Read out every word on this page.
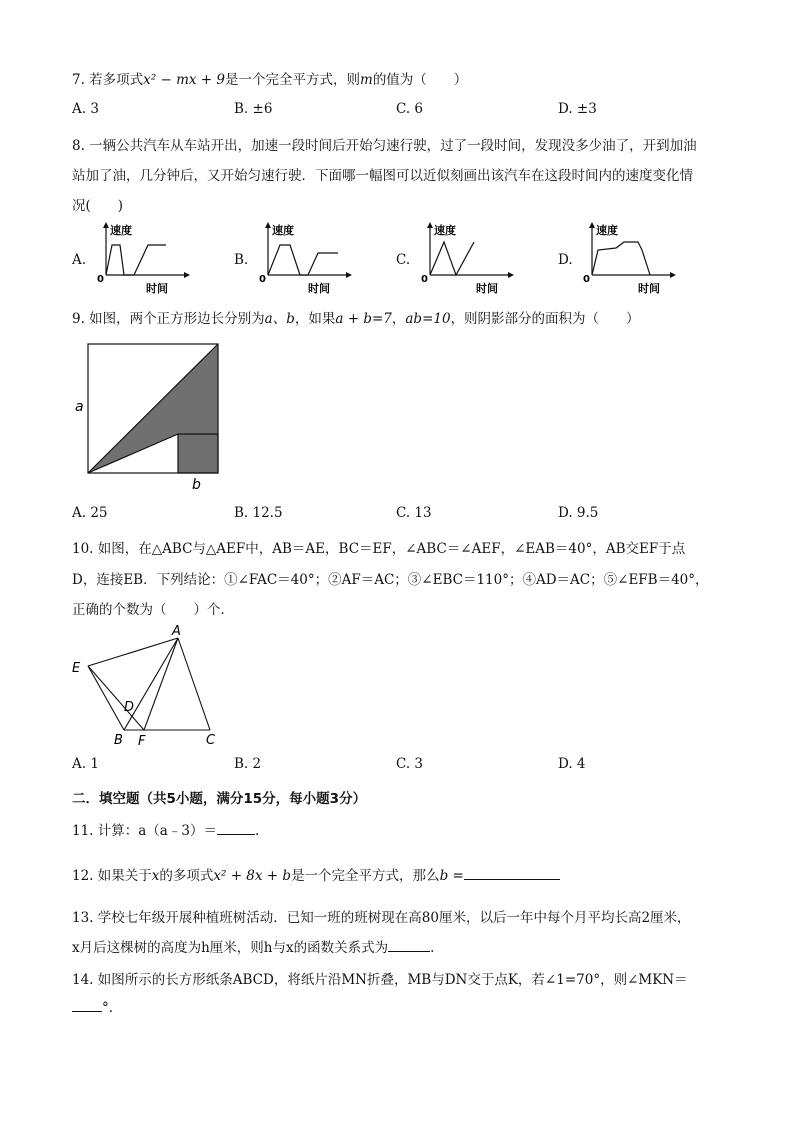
7. 若多项式x² − mx + 9是一个完全平方式，则m的值为（　　）
A. 3	B. ±6	C. 6	D. ±3
8. 一辆公共汽车从车站开出，加速一段时间后开始匀速行驶，过了一段时间，发现没多少油了，开到加油
站加了油，几分钟后，又开始匀速行驶．下面哪一幅图可以近似刻画出该汽车在这段时间内的速度变化情
况(　　)
A.	B.	C.	D.
速度
时间
0
速度
时间
0
速度
时间
0
速度
时间
0
9. 如图，两个正方形边长分别为a、b，如果a + b=7，ab=10，则阴影部分的面积为（　　）
a
b
A. 25	B. 12.5	C. 13	D. 9.5
10. 如图，在△ABC与△AEF中，AB＝AE，BC＝EF，∠ABC＝∠AEF，∠EAB＝40°，AB交EF于点
D，连接EB．下列结论：①∠FAC＝40°；②AF＝AC；③∠EBC＝110°；④AD＝AC；⑤∠EFB＝40°，
正确的个数为（　　）个．
A
E
D
B F	C
A. 1	B. 2	C. 3	D. 4
二．填空题（共5小题，满分15分，每小题3分）
11. 计算：a（a﹣3）＝	.
12. 如果关于x的多项式x² + 8x + b是一个完全平方式，那么b =
13. 学校七年级开展种植班树活动．已知一班的班树现在高80厘米，以后一年中每个月平均长高2厘米，
x月后这棵树的高度为h厘米，则h与x的函数关系式为	.
14. 如图所示的长方形纸条ABCD，将纸片沿MN折叠，MB与DN交于点K，若∠1=70°，则∠MKN＝
°.
